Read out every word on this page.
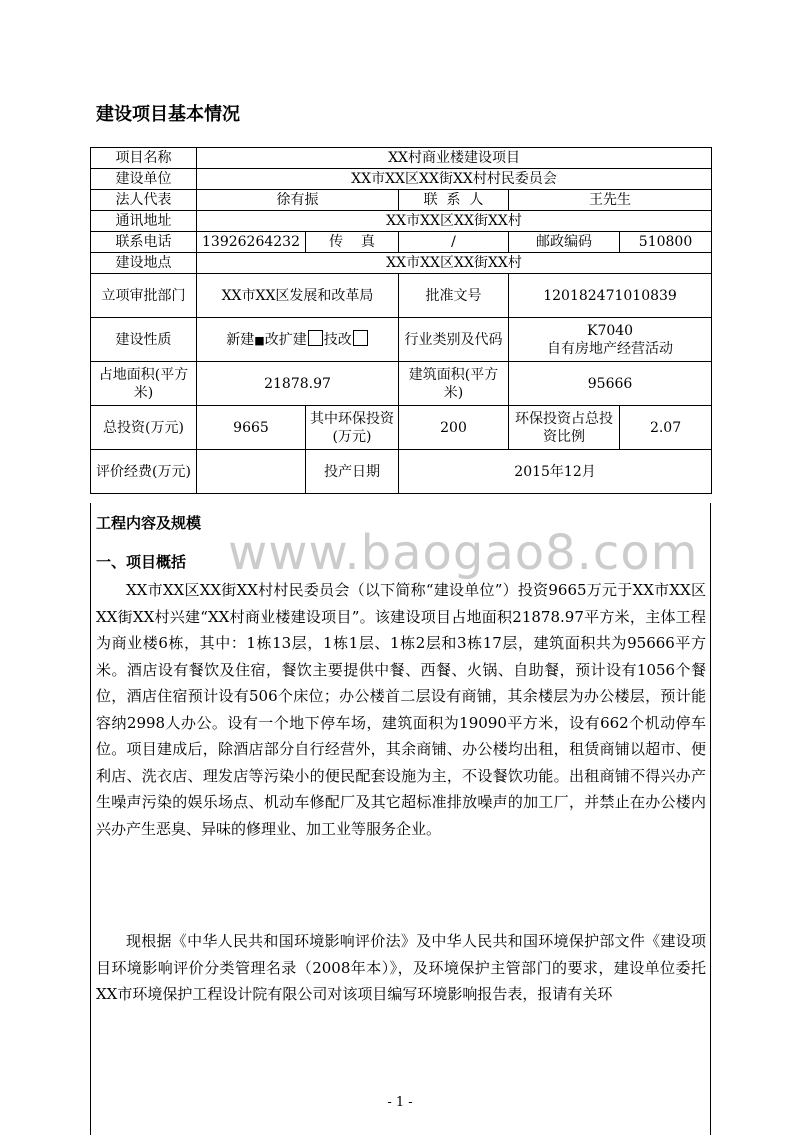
建设项目基本情况
项目名称	XX村商业楼建设项目				
建设单位	XX市XX区XX街XX村村民委员会				
法人代表	徐有振		联  系  人	王先生	
通讯地址	XX市XX区XX街XX村				
联系电话	13926264232	传    真	/	邮政编码	510800
建设地点	XX市XX区XX街XX村				
立项审批部门	XX市XX区发展和改革局		批准文号	120182471010839	
建设性质	新建■改扩建 技改		行业类别及代码	K7040
自有房地产经营活动	

占地面积(平方米)	21878.97		建筑面积(平方米)	95666	
总投资(万元)	9665	其中环保投资(万元)	200	环保投资占总投资比例	2.07
评价经费(万元)		投产日期	2015年12月		
www.baogao8.com
工程内容及规模
一、项目概括

XX市XX区XX街XX村村民委员会（以下简称“建设单位”）投资9665万元于XX市XX区XX街XX村兴建“XX村商业楼建设项目”。该建设项目占地面积21878.97平方米，主体工程为商业楼6栋，其中：1栋13层，1栋1层、1栋2层和3栋17层，建筑面积共为95666平方米。酒店设有餐饮及住宿，餐饮主要提供中餐、西餐、火锅、自助餐，预计设有1056个餐位，酒店住宿预计设有506个床位；办公楼首二层设有商铺，其余楼层为办公楼层，预计能容纳2998人办公。设有一个地下停车场，建筑面积为19090平方米，设有662个机动停车位。项目建成后，除酒店部分自行经营外，其余商铺、办公楼均出租，租赁商铺以超市、便利店、洗衣店、理发店等污染小的便民配套设施为主，不设餐饮功能。出租商铺不得兴办产生噪声污染的娱乐场点、机动车修配厂及其它超标准排放噪声的加工厂，并禁止在办公楼内兴办产生恶臭、异味的修理业、加工业等服务企业。

现根据《中华人民共和国环境影响评价法》及中华人民共和国环境保护部文件《建设项目环境影响评价分类管理名录（2008年本）》，及环境保护主管部门的要求，建设单位委托XX市环境保护工程设计院有限公司对该项目编写环境影响报告表，报请有关环

- 1 -
